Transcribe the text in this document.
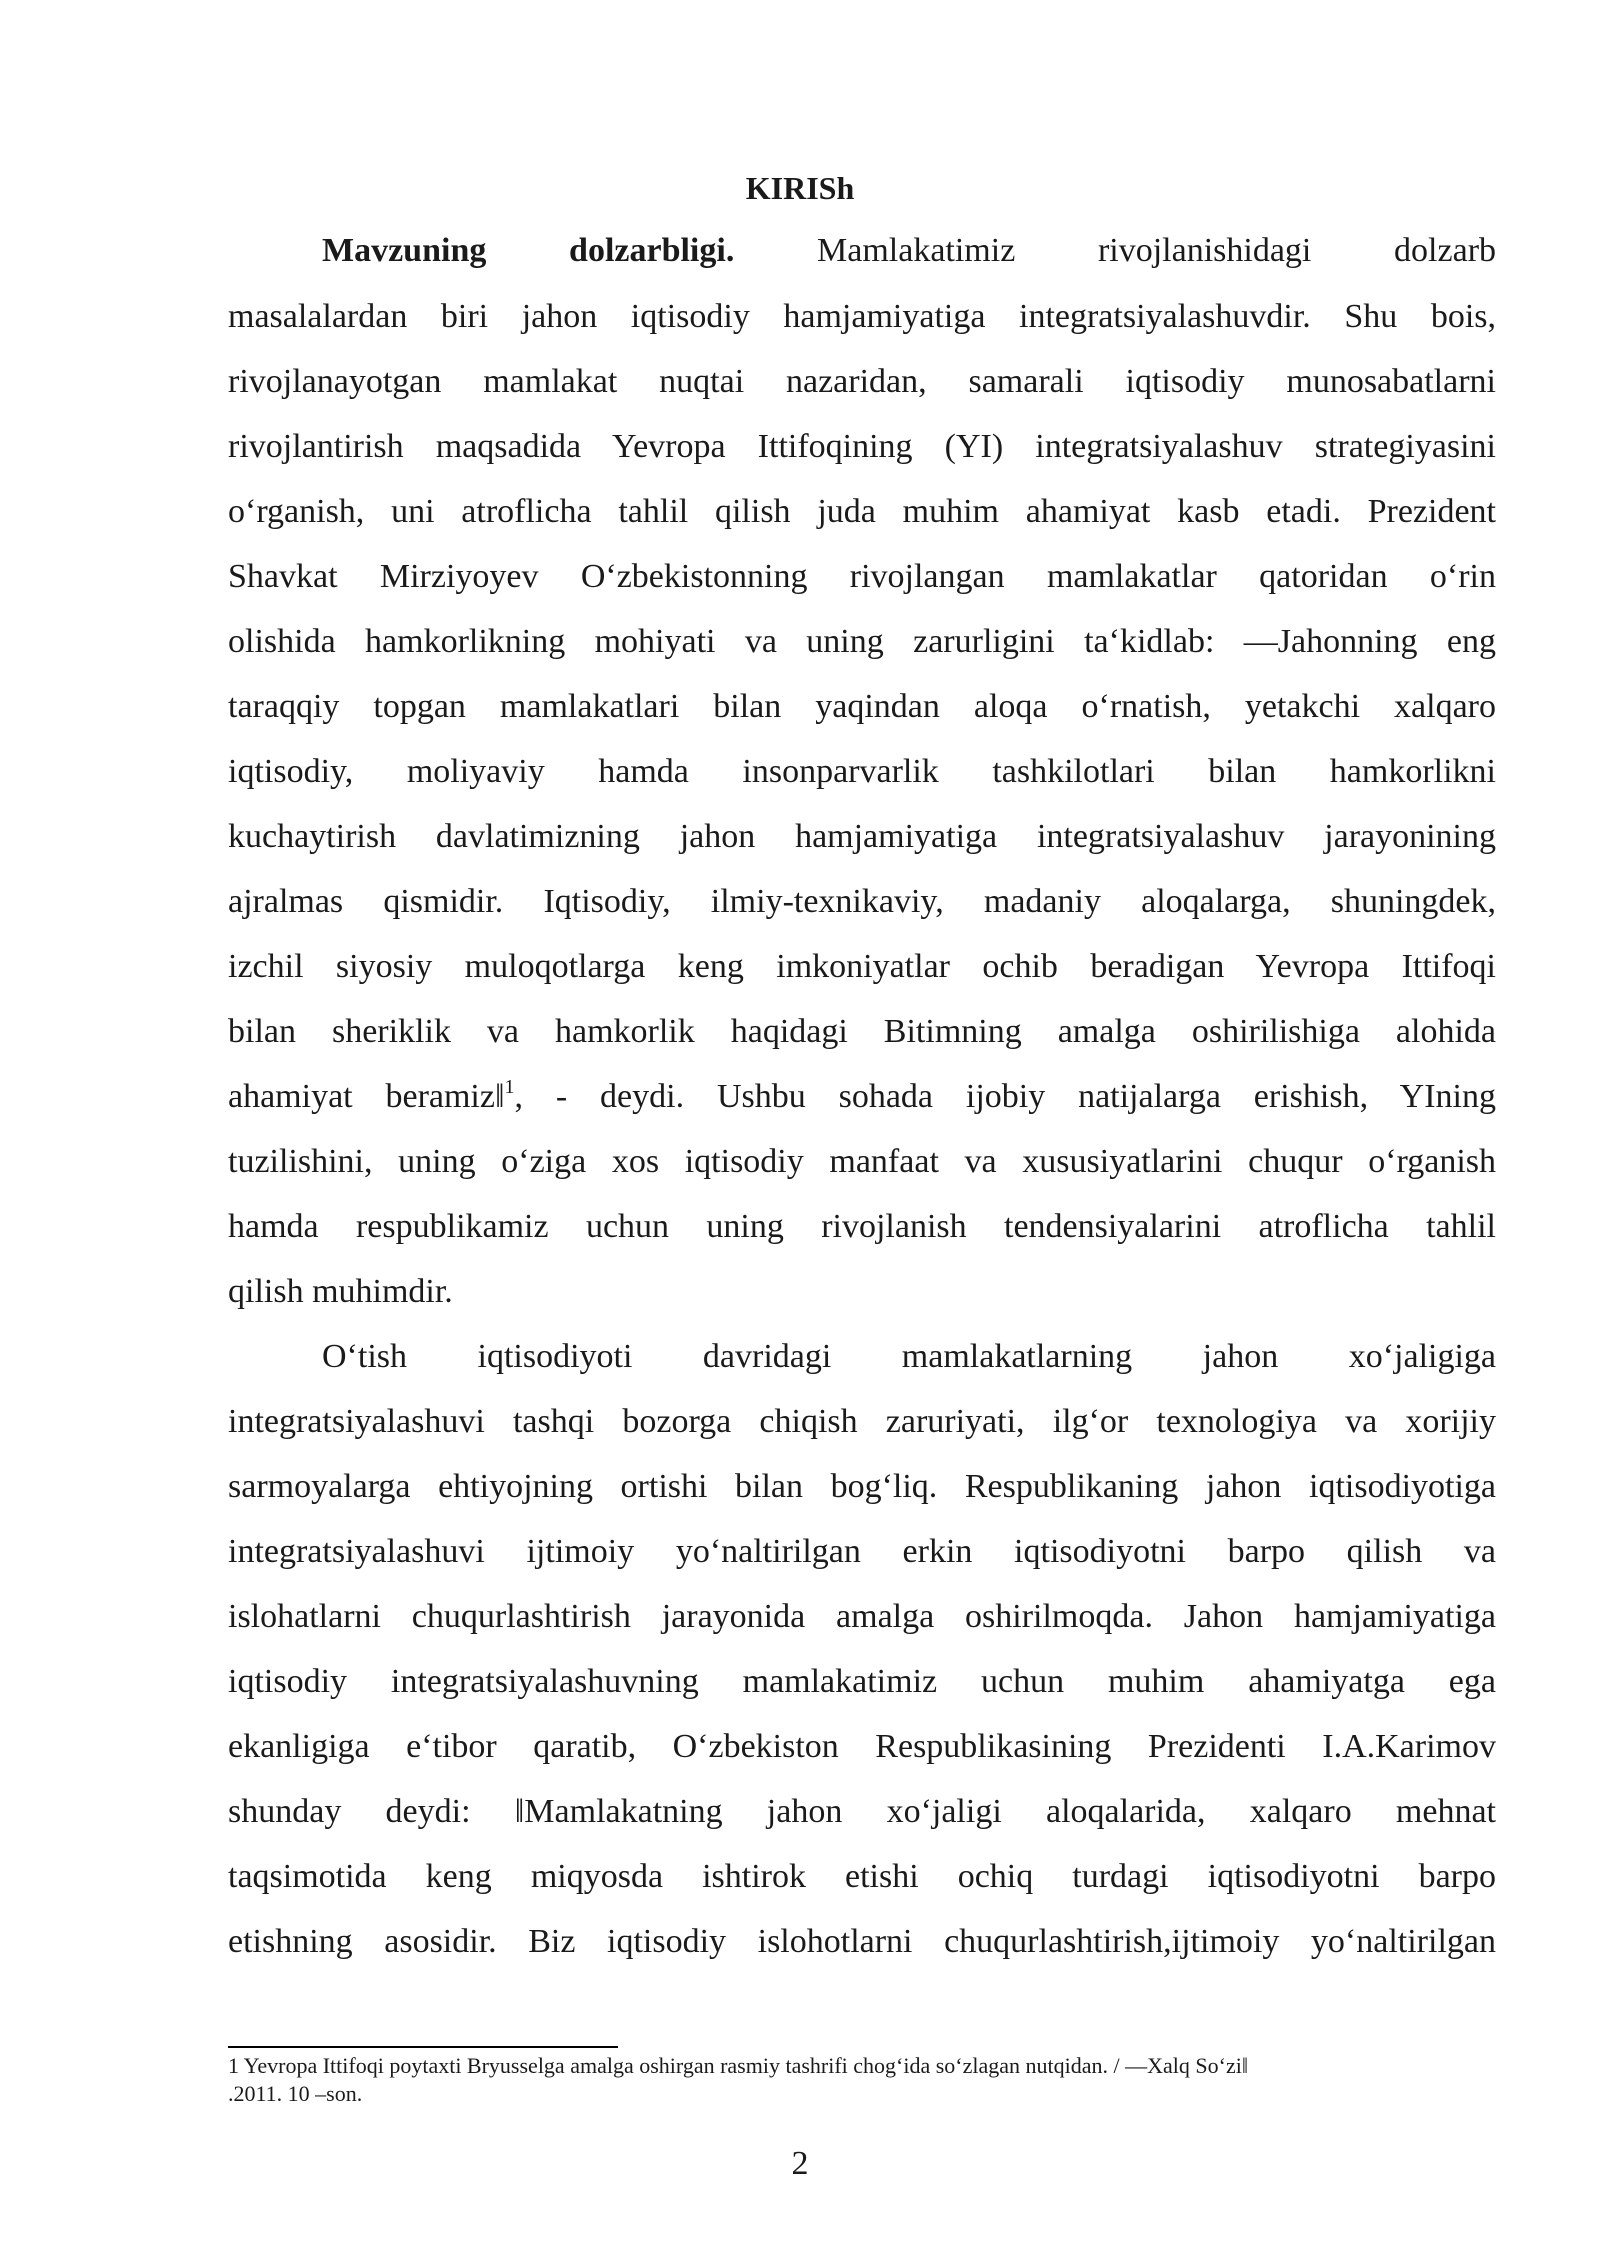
KIRISh
Mavzuning dolzarbligi. Mamlakatimiz rivojlanishidagi dolzarb
masalalardan biri jahon iqtisodiy hamjamiyatiga integratsiyalashuvdir. Shu bois,
rivojlanayotgan mamlakat nuqtai nazaridan, samarali iqtisodiy munosabatlarni
rivojlantirish maqsadida Yevropa Ittifoqining (YI) integratsiyalashuv strategiyasini
o‘rganish, uni atroflicha tahlil qilish juda muhim ahamiyat kasb etadi. Prezident
Shavkat Mirziyoyev O‘zbekistonning rivojlangan mamlakatlar qatoridan o‘rin
olishida hamkorlikning mohiyati va uning zarurligini ta‘kidlab: ―Jahonning eng
taraqqiy topgan mamlakatlari bilan yaqindan aloqa o‘rnatish, yetakchi xalqaro
iqtisodiy, moliyaviy hamda insonparvarlik tashkilotlari bilan hamkorlikni
kuchaytirish davlatimizning jahon hamjamiyatiga integratsiyalashuv jarayonining
ajralmas qismidir. Iqtisodiy, ilmiy-texnikaviy, madaniy aloqalarga, shuningdek,
izchil siyosiy muloqotlarga keng imkoniyatlar ochib beradigan Yevropa Ittifoqi
bilan sheriklik va hamkorlik haqidagi Bitimning amalga oshirilishiga alohida
ahamiyat beramiz‖$^1$, - deydi. Ushbu sohada ijobiy natijalarga erishish, YIning
tuzilishini, uning o‘ziga xos iqtisodiy manfaat va xususiyatlarini chuqur o‘rganish
hamda respublikamiz uchun uning rivojlanish tendensiyalarini atroflicha tahlil
qilish muhimdir.
O‘tish iqtisodiyoti davridagi mamlakatlarning jahon xo‘jaligiga
integratsiyalashuvi tashqi bozorga chiqish zaruriyati, ilg‘or texnologiya va xorijiy
sarmoyalarga ehtiyojning ortishi bilan bog‘liq. Respublikaning jahon iqtisodiyotiga
integratsiyalashuvi ijtimoiy yo‘naltirilgan erkin iqtisodiyotni barpo qilish va
islohatlarni chuqurlashtirish jarayonida amalga oshirilmoqda. Jahon hamjamiyatiga
iqtisodiy integratsiyalashuvning mamlakatimiz uchun muhim ahamiyatga ega
ekanligiga e‘tibor qaratib, O‘zbekiston Respublikasining Prezidenti I.A.Karimov
shunday deydi: ‖Mamlakatning jahon xo‘jaligi aloqalarida, xalqaro mehnat
taqsimotida keng miqyosda ishtirok etishi ochiq turdagi iqtisodiyotni barpo
etishning asosidir. Biz iqtisodiy islohotlarni chuqurlashtirish,ijtimoiy yo‘naltirilgan
1 Yevropa Ittifoqi poytaxti Bryusselga amalga oshirgan rasmiy tashrifi chog‘ida so‘zlagan nutqidan. / ―Xalq So‘zi‖
.2011. 10 –son.
2
